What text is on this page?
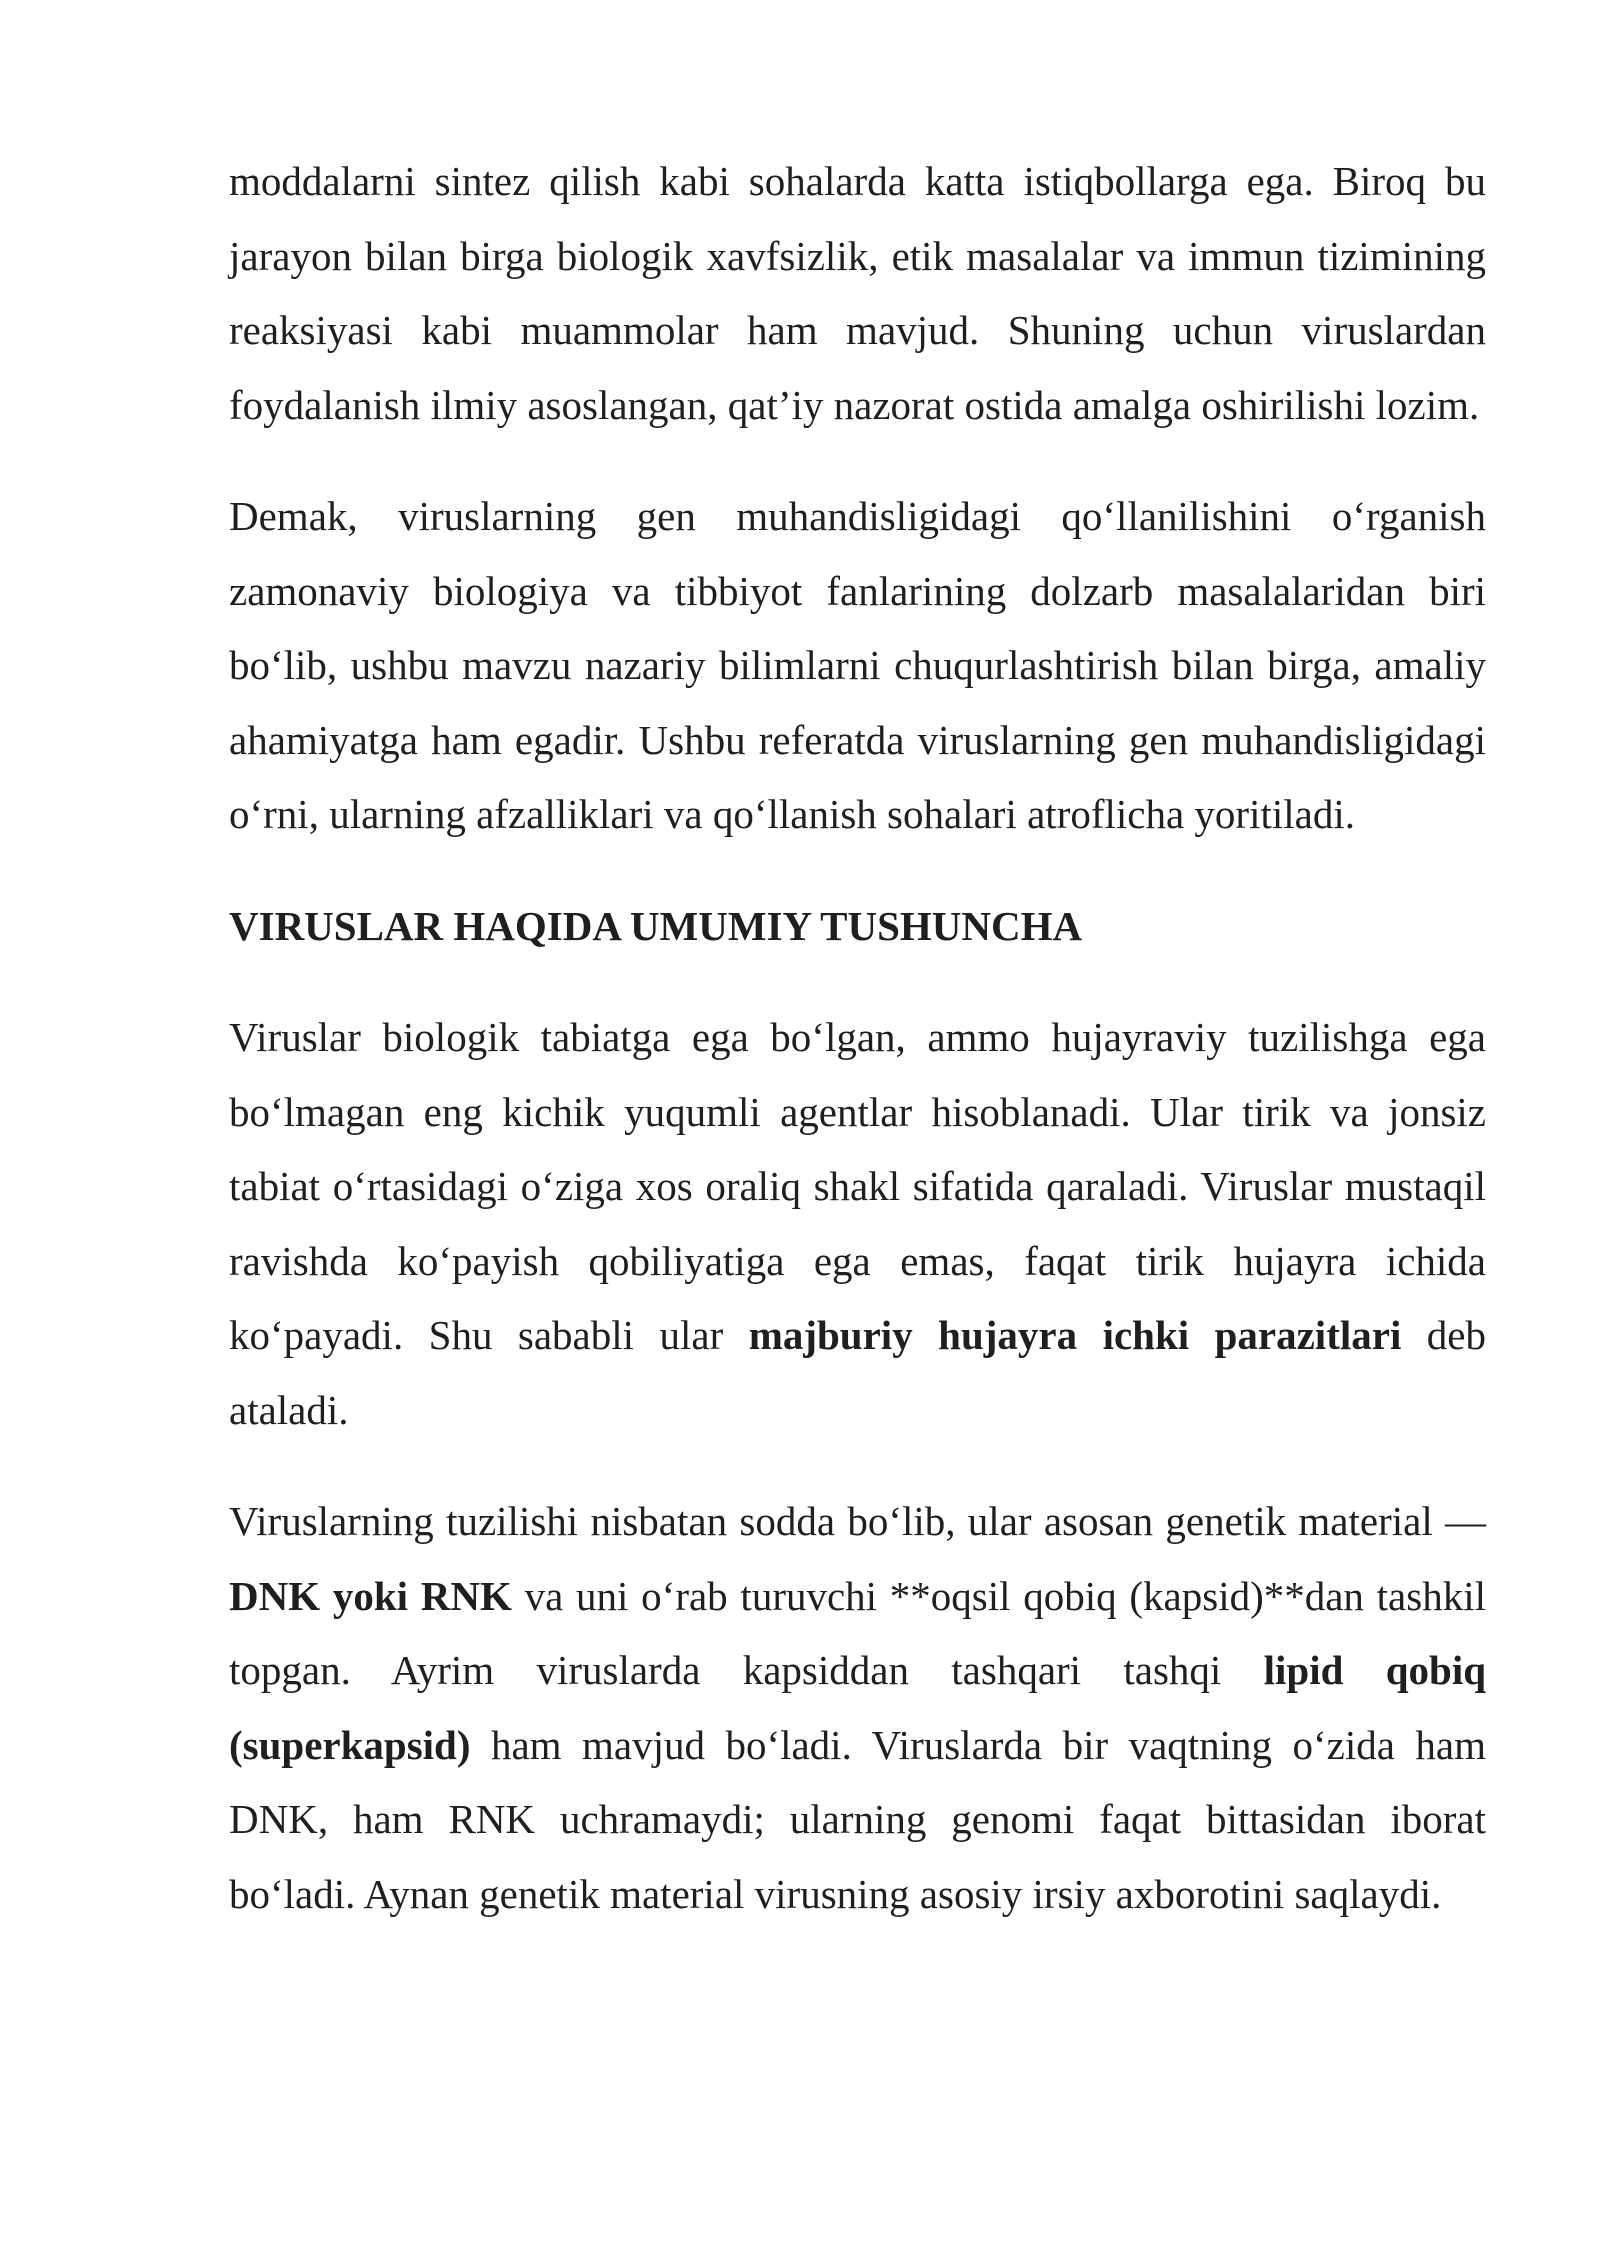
moddalarni sintez qilish kabi sohalarda katta istiqbollarga ega. Biroq bu jarayon bilan birga biologik xavfsizlik, etik masalalar va immun tizimining reaksiyasi kabi muammolar ham mavjud. Shuning uchun viruslardan foydalanish ilmiy asoslangan, qat’iy nazorat ostida amalga oshirilishi lozim.

Demak, viruslarning gen muhandisligidagi qo‘llanilishini o‘rganish zamonaviy biologiya va tibbiyot fanlarining dolzarb masalalaridan biri bo‘lib, ushbu mavzu nazariy bilimlarni chuqurlashtirish bilan birga, amaliy ahamiyatga ham egadir. Ushbu referatda viruslarning gen muhandisligidagi o‘rni, ularning afzalliklari va qo‘llanish sohalari atroflicha yoritiladi.

VIRUSLAR HAQIDA UMUMIY TUSHUNCHA

Viruslar biologik tabiatga ega bo‘lgan, ammo hujayraviy tuzilishga ega bo‘lmagan eng kichik yuqumli agentlar hisoblanadi. Ular tirik va jonsiz tabiat o‘rtasidagi o‘ziga xos oraliq shakl sifatida qaraladi. Viruslar mustaqil ravishda ko‘payish qobiliyatiga ega emas, faqat tirik hujayra ichida ko‘payadi. Shu sababli ular majburiy hujayra ichki parazitlari deb ataladi.

Viruslarning tuzilishi nisbatan sodda bo‘lib, ular asosan genetik material — DNK yoki RNK va uni o‘rab turuvchi **oqsil qobiq (kapsid)**dan tashkil topgan. Ayrim viruslarda kapsiddan tashqari tashqi lipid qobiq (superkapsid) ham mavjud bo‘ladi. Viruslarda bir vaqtning o‘zida ham DNK, ham RNK uchramaydi; ularning genomi faqat bittasidan iborat bo‘ladi. Aynan genetik material virusning asosiy irsiy axborotini saqlaydi.
